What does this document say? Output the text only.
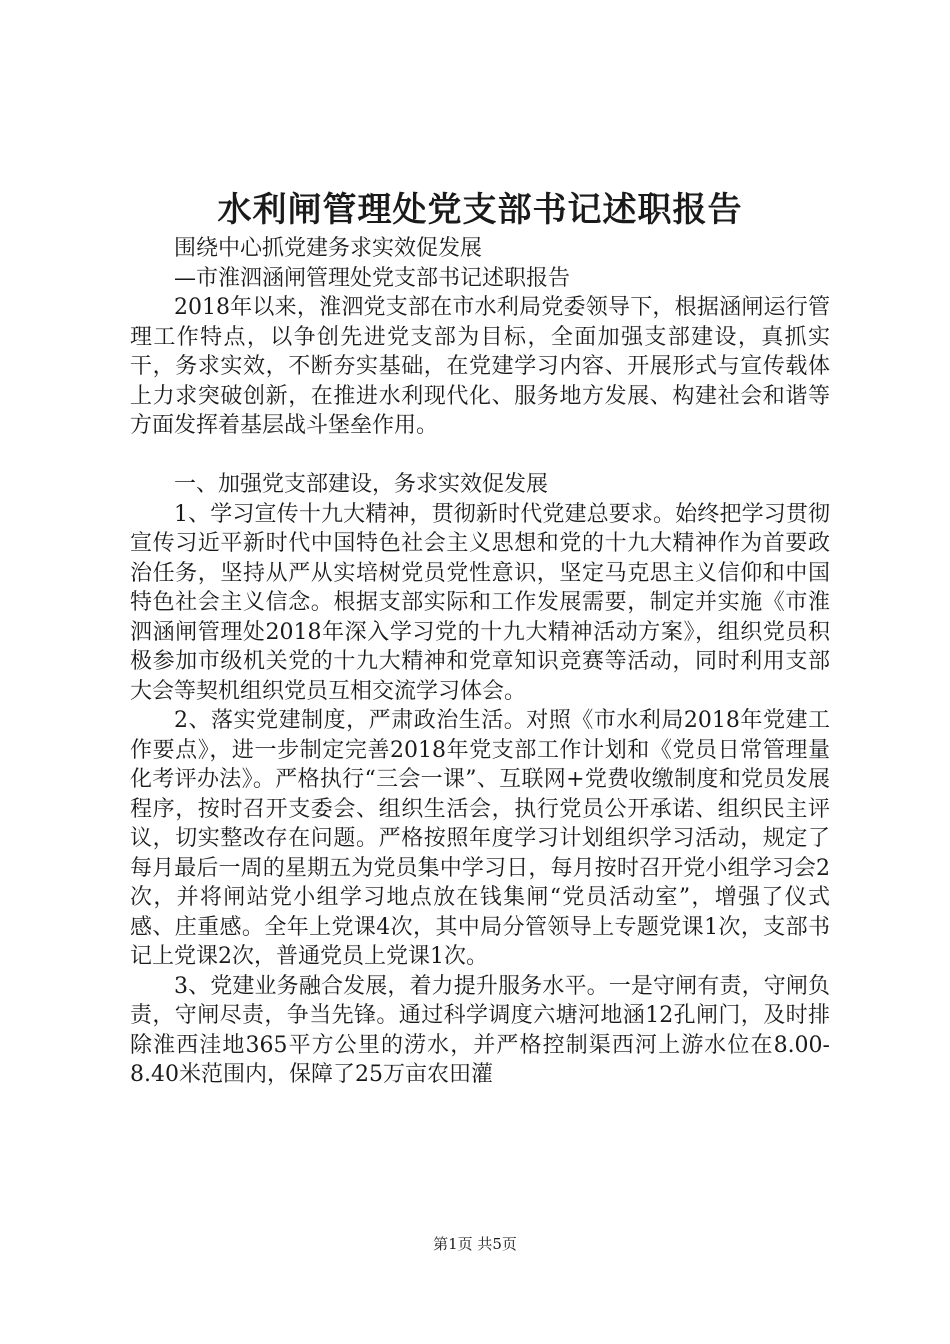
水利闸管理处党支部书记述职报告

围绕中心抓党建务求实效促发展

—市淮泗涵闸管理处党支部书记述职报告

2018年以来，淮泗党支部在市水利局党委领导下，根据涵闸运行管理工作特点，以争创先进党支部为目标，全面加强支部建设，真抓实干，务求实效，不断夯实基础，在党建学习内容、开展形式与宣传载体上力求突破创新，在推进水利现代化、服务地方发展、构建社会和谐等方面发挥着基层战斗堡垒作用。

一、加强党支部建设，务求实效促发展

1、学习宣传十九大精神，贯彻新时代党建总要求。始终把学习贯彻宣传习近平新时代中国特色社会主义思想和党的十九大精神作为首要政治任务，坚持从严从实培树党员党性意识，坚定马克思主义信仰和中国特色社会主义信念。根据支部实际和工作发展需要，制定并实施《市淮泗涵闸管理处2018年深入学习党的十九大精神活动方案》，组织党员积极参加市级机关党的十九大精神和党章知识竞赛等活动，同时利用支部大会等契机组织党员互相交流学习体会。

2、落实党建制度，严肃政治生活。对照《市水利局2018年党建工作要点》，进一步制定完善2018年党支部工作计划和《党员日常管理量化考评办法》。严格执行“三会一课”、互联网+党费收缴制度和党员发展程序，按时召开支委会、组织生活会，执行党员公开承诺、组织民主评议，切实整改存在问题。严格按照年度学习计划组织学习活动，规定了每月最后一周的星期五为党员集中学习日，每月按时召开党小组学习会2次，并将闸站党小组学习地点放在钱集闸“党员活动室”，增强了仪式感、庄重感。全年上党课4次，其中局分管领导上专题党课1次，支部书记上党课2次，普通党员上党课1次。

3、党建业务融合发展，着力提升服务水平。一是守闸有责，守闸负责，守闸尽责，争当先锋。通过科学调度六塘河地涵12孔闸门，及时排除淮西洼地365平方公里的涝水，并严格控制渠西河上游水位在8.00-8.40米范围内，保障了25万亩农田灌

第1页 共5页
